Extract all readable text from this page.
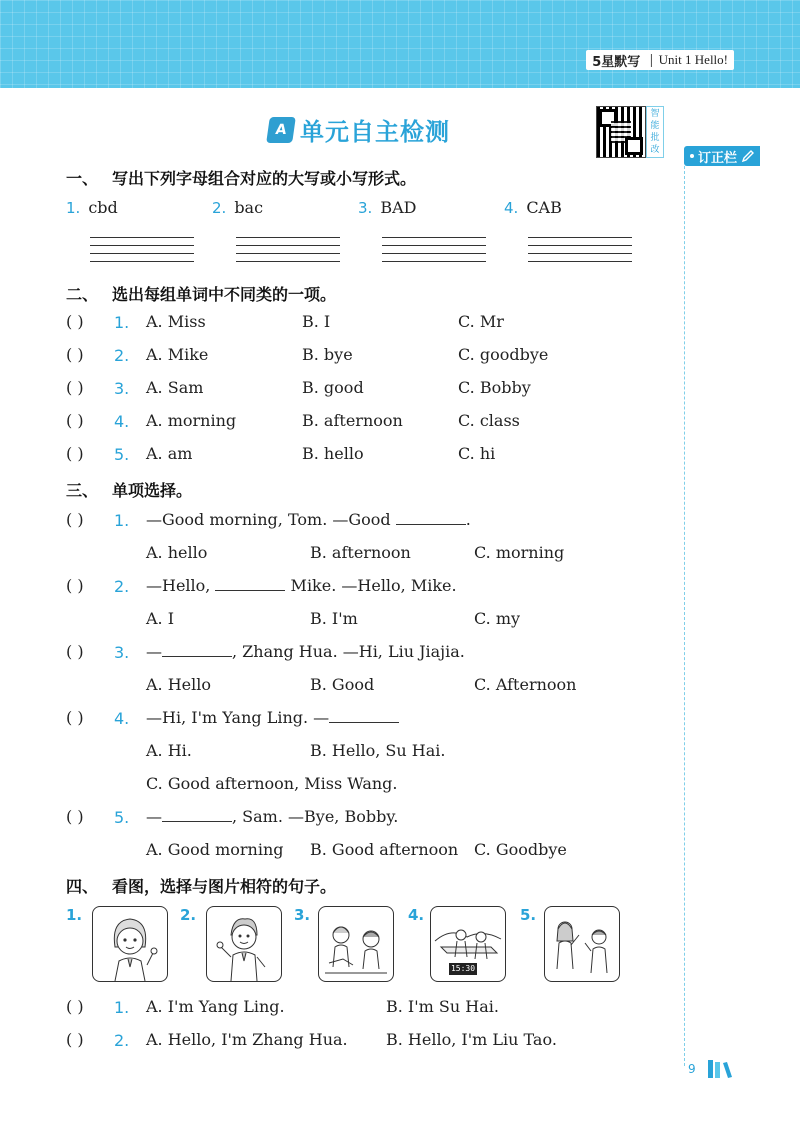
5星默写 | Unit 1 Hello!
A 单元自主检测
智能批改
订正栏
一、 写出下列字母组合对应的大写或小写形式。
1. cbd	2. bac	3. BAD	4. CAB
二、 选出每组单词中不同类的一项。
( ) 1. A. Miss	B. I	C. Mr
( ) 2. A. Mike	B. bye	C. goodbye
( ) 3. A. Sam	B. good	C. Bobby
( ) 4. A. morning	B. afternoon	C. class
( ) 5. A. am	B. hello	C. hi
三、 单项选择。
( ) 1. —Good morning, Tom. —Good	.
A. hello	B. afternoon	C. morning
( ) 2. —Hello,	Mike. —Hello, Mike.
A. I	B. I'm	C. my
( ) 3. —	, Zhang Hua. —Hi, Liu Jiajia.
A. Hello	B. Good	C. Afternoon
( ) 4. —Hi, I'm Yang Ling. —
A. Hi.	B. Hello, Su Hai.
C. Good afternoon, Miss Wang.
( ) 5. —	, Sam. —Bye, Bobby.
A. Good morning B. Good afternoon C. Goodbye
四、 看图，选择与图片相符的句子。
1.	2.	3.	4.
15:30
5.
( ) 1. A. I'm Yang Ling.	B. I'm Su Hai.
( ) 2. A. Hello, I'm Zhang Hua. B. Hello, I'm Liu Tao.
9
